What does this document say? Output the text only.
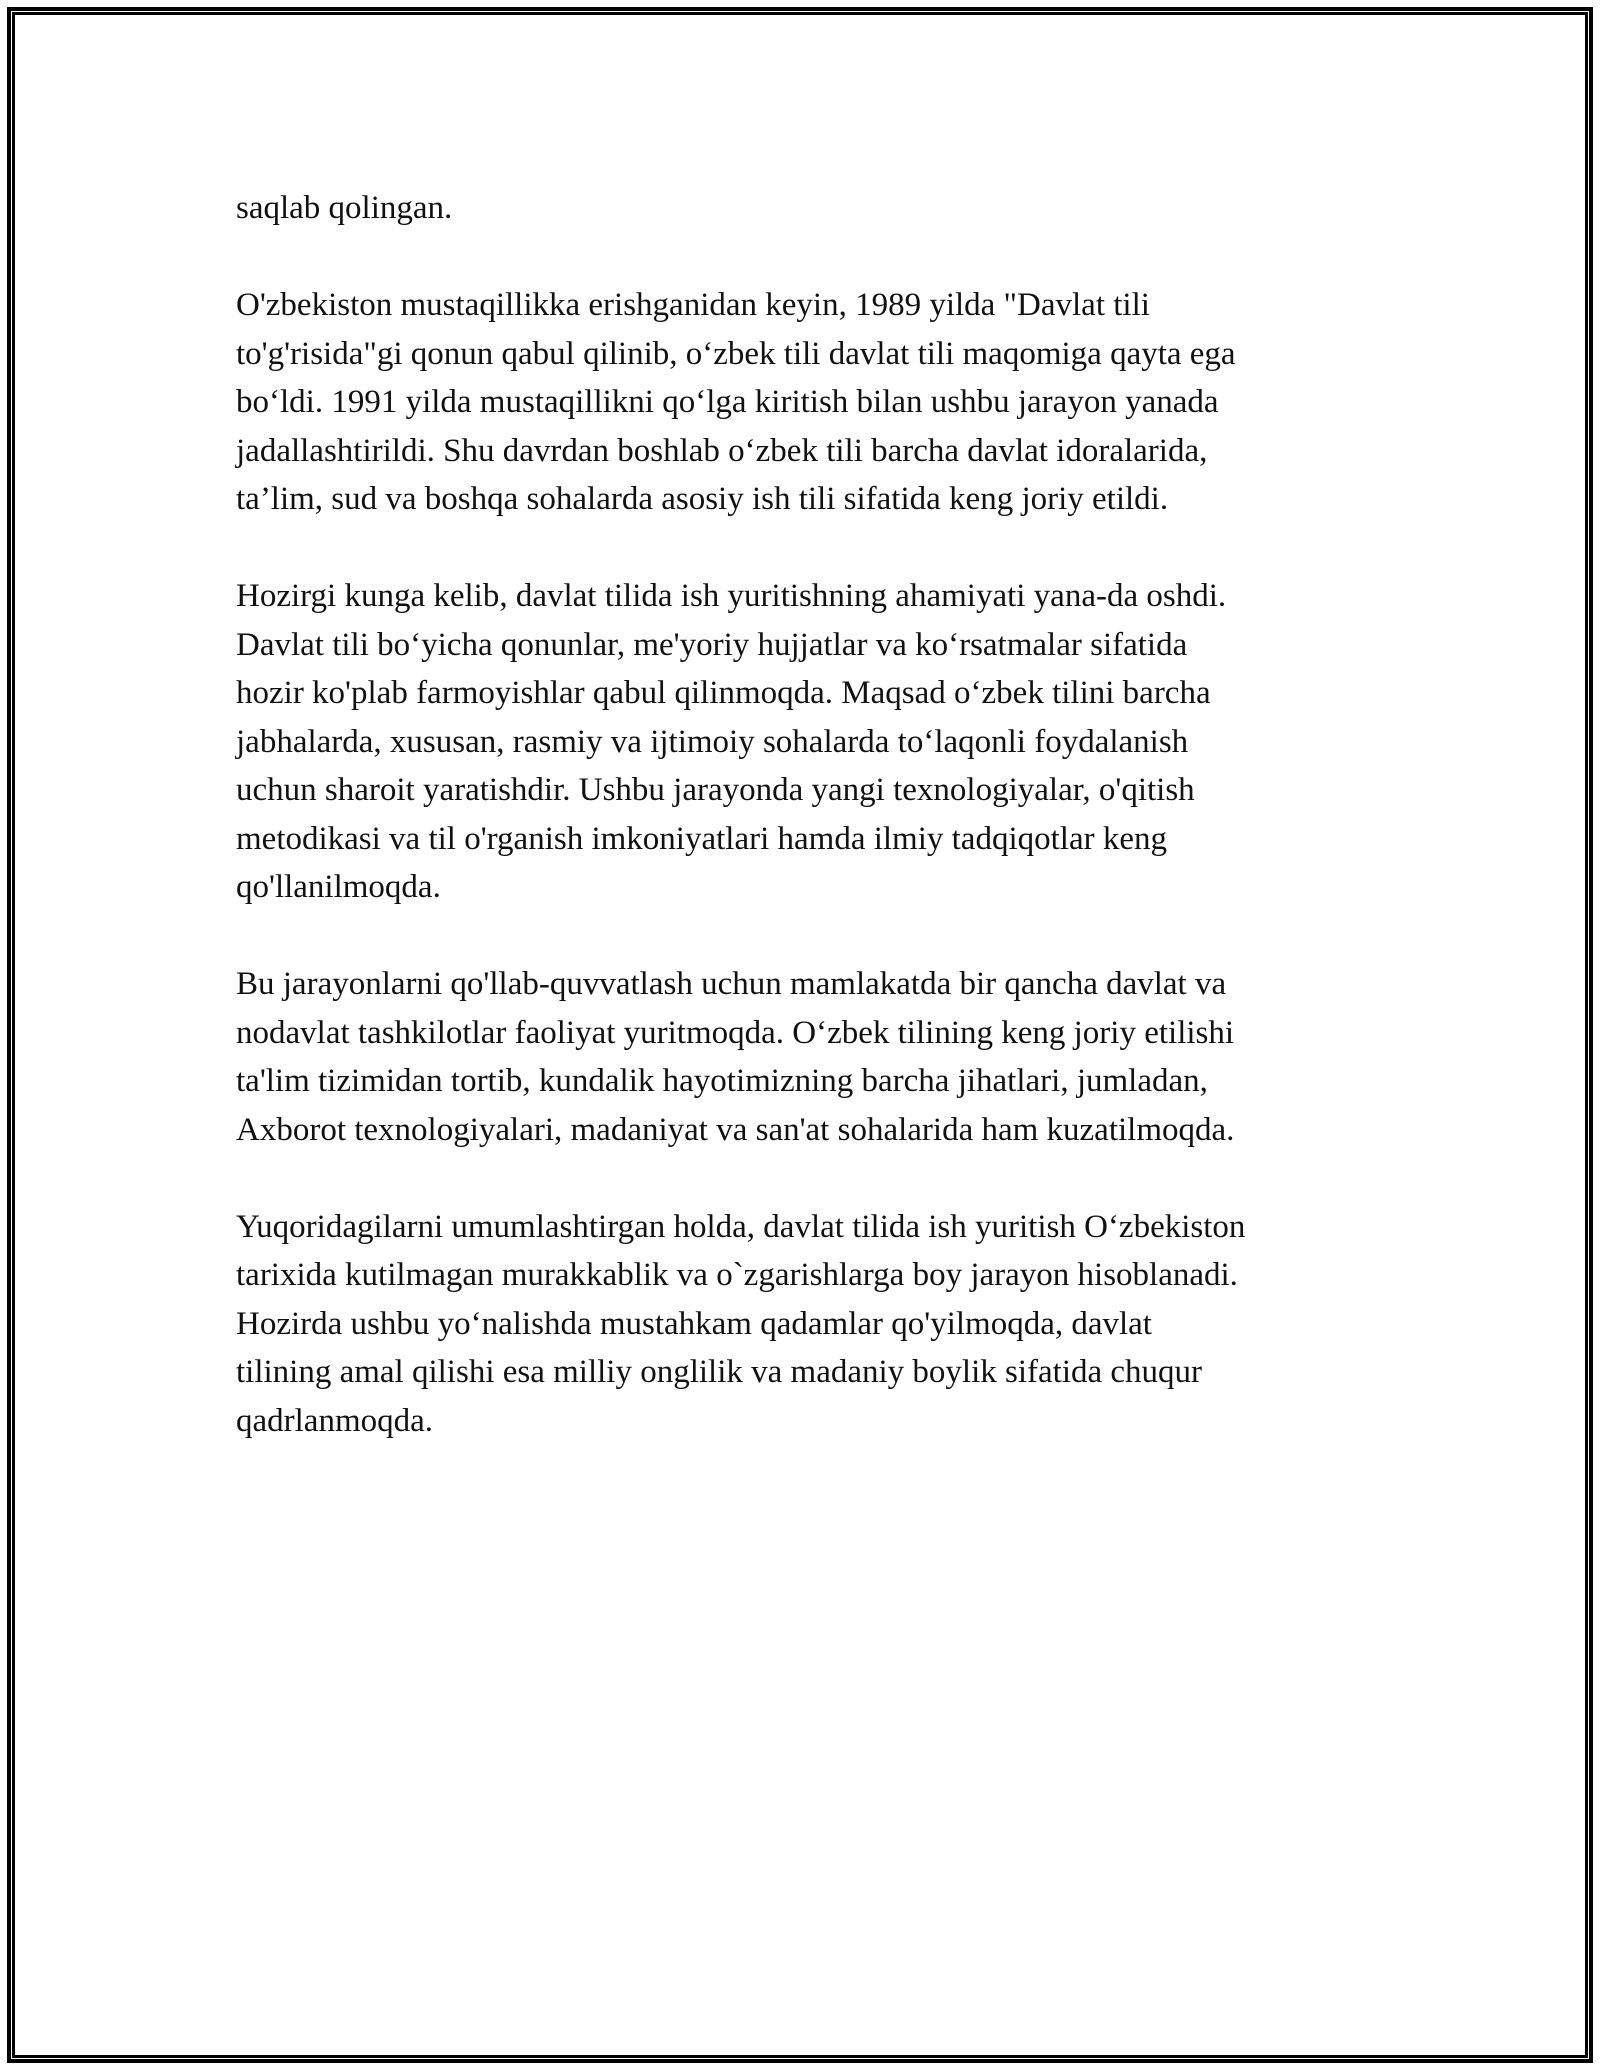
saqlab qolingan.

O'zbekiston mustaqillikka erishganidan keyin, 1989 yilda "Davlat tili
to'g'risida"gi qonun qabul qilinib, o‘zbek tili davlat tili maqomiga qayta ega
bo‘ldi. 1991 yilda mustaqillikni qo‘lga kiritish bilan ushbu jarayon yanada
jadallashtirildi. Shu davrdan boshlab o‘zbek tili barcha davlat idoralarida,
ta’lim, sud va boshqa sohalarda asosiy ish tili sifatida keng joriy etildi.

Hozirgi kunga kelib, davlat tilida ish yuritishning ahamiyati yana-da oshdi.
Davlat tili bo‘yicha qonunlar, me'yoriy hujjatlar va ko‘rsatmalar sifatida
hozir ko'plab farmoyishlar qabul qilinmoqda. Maqsad o‘zbek tilini barcha
jabhalarda, xususan, rasmiy va ijtimoiy sohalarda to‘laqonli foydalanish
uchun sharoit yaratishdir. Ushbu jarayonda yangi texnologiyalar, o'qitish
metodikasi va til o'rganish imkoniyatlari hamda ilmiy tadqiqotlar keng
qo'llanilmoqda.

Bu jarayonlarni qo'llab-quvvatlash uchun mamlakatda bir qancha davlat va
nodavlat tashkilotlar faoliyat yuritmoqda. O‘zbek tilining keng joriy etilishi
ta'lim tizimidan tortib, kundalik hayotimizning barcha jihatlari, jumladan,
Axborot texnologiyalari, madaniyat va san'at sohalarida ham kuzatilmoqda.

Yuqoridagilarni umumlashtirgan holda, davlat tilida ish yuritish O‘zbekiston
tarixida kutilmagan murakkablik va o`zgarishlarga boy jarayon hisoblanadi.
Hozirda ushbu yo‘nalishda mustahkam qadamlar qo'yilmoqda, davlat
tilining amal qilishi esa milliy onglilik va madaniy boylik sifatida chuqur
qadrlanmoqda.
